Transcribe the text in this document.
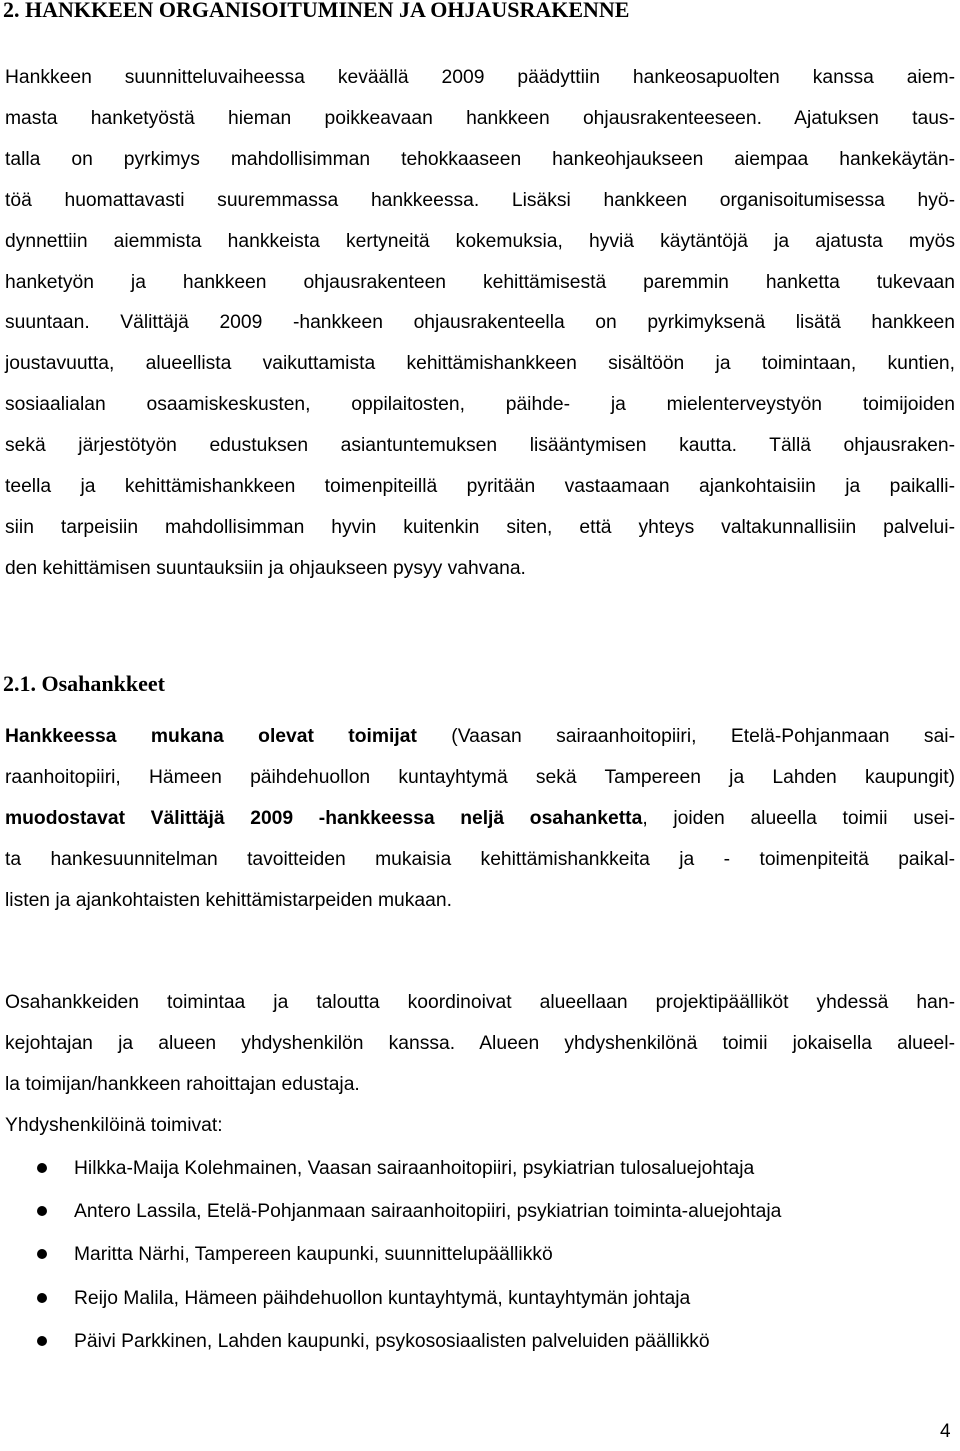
2. HANKKEEN ORGANISOITUMINEN JA OHJAUSRAKENNE

Hankkeen suunnitteluvaiheessa keväällä 2009 päädyttiin hankeosapuolten kanssa aiem-
masta hanketyöstä hieman poikkeavaan hankkeen ohjausrakenteeseen. Ajatuksen taus-
talla on pyrkimys mahdollisimman tehokkaaseen hankeohjaukseen aiempaa hankekäytän-
töä huomattavasti suuremmassa hankkeessa. Lisäksi hankkeen organisoitumisessa hyö-
dynnettiin aiemmista hankkeista kertyneitä kokemuksia, hyviä käytäntöjä ja ajatusta myös
hanketyön ja hankkeen ohjausrakenteen kehittämisestä paremmin hanketta tukevaan
suuntaan. Välittäjä 2009 -hankkeen ohjausrakenteella on pyrkimyksenä lisätä hankkeen
joustavuutta, alueellista vaikuttamista kehittämishankkeen sisältöön ja toimintaan, kuntien,
sosiaalialan osaamiskeskusten, oppilaitosten, päihde- ja mielenterveystyön toimijoiden
sekä järjestötyön edustuksen asiantuntemuksen lisääntymisen kautta. Tällä ohjausraken-
teella ja kehittämishankkeen toimenpiteillä pyritään vastaamaan ajankohtaisiin ja paikalli-
siin tarpeisiin mahdollisimman hyvin kuitenkin siten, että yhteys valtakunnallisiin palvelui-
den kehittämisen suuntauksiin ja ohjaukseen pysyy vahvana.

2.1. Osahankkeet

Hankkeessa mukana olevat toimijat (Vaasan sairaanhoitopiiri, Etelä-Pohjanmaan sai-
raanhoitopiiri, Hämeen päihdehuollon kuntayhtymä sekä Tampereen ja Lahden kaupungit)
muodostavat Välittäjä 2009 -hankkeessa neljä osahanketta, joiden alueella toimii usei-
ta hankesuunnitelman tavoitteiden mukaisia kehittämishankkeita ja - toimenpiteitä paikal-
listen ja ajankohtaisten kehittämistarpeiden mukaan.

Osahankkeiden toimintaa ja taloutta koordinoivat alueellaan projektipäälliköt yhdessä han-
kejohtajan ja alueen yhdyshenkilön kanssa. Alueen yhdyshenkilönä toimii jokaisella alueel-
la toimijan/hankkeen rahoittajan edustaja.

Yhdyshenkilöinä toimivat:

Hilkka-Maija Kolehmainen, Vaasan sairaanhoitopiiri, psykiatrian tulosaluejohtaja
Antero Lassila, Etelä-Pohjanmaan sairaanhoitopiiri, psykiatrian toiminta-aluejohtaja
Maritta Närhi, Tampereen kaupunki, suunnittelupäällikkö
Reijo Malila, Hämeen päihdehuollon kuntayhtymä, kuntayhtymän johtaja
Päivi Parkkinen, Lahden kaupunki, psykososiaalisten palveluiden päällikkö
4
